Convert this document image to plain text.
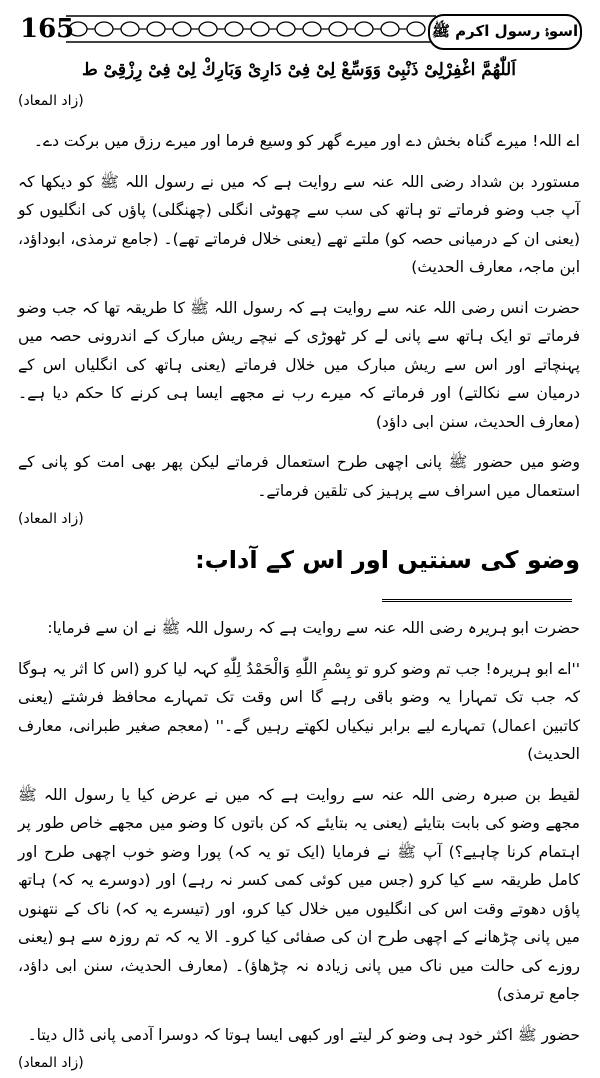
165	اسوۂ رسول اکرم ﷺ

اَللّٰهُمَّ اغْفِرْلِیْ ذَنْبِیْ وَوَسِّعْ لِیْ فِیْ دَارِیْ وَبَارِكْ لِیْ فِیْ رِزْقِیْ ط

(زاد المعاد)

اے اللہ! میرے گناہ بخش دے اور میرے گھر کو وسیع فرما اور میرے رزق میں برکت دے۔

مستورد بن شداد رضی اللہ عنہ سے روایت ہے کہ میں نے رسول اللہ ﷺ کو دیکھا کہ آپ جب وضو فرماتے تو ہاتھ کی سب سے چھوٹی انگلی (چھنگلی) پاؤں کی انگلیوں کو (یعنی ان کے درمیانی حصہ کو) ملتے تھے (یعنی خلال فرماتے تھے)۔ (جامع ترمذی، ابوداؤد، ابن ماجہ، معارف الحدیث)

حضرت انس رضی اللہ عنہ سے روایت ہے کہ رسول اللہ ﷺ کا طریقہ تھا کہ جب وضو فرماتے تو ایک ہاتھ سے پانی لے کر ٹھوڑی کے نیچے ریش مبارک کے اندرونی حصہ میں پہنچاتے اور اس سے ریش مبارک میں خلال فرماتے (یعنی ہاتھ کی انگلیاں اس کے درمیان سے نکالتے) اور فرماتے کہ میرے رب نے مجھے ایسا ہی کرنے کا حکم دیا ہے۔ (معارف الحدیث، سنن ابی داؤد)

وضو میں حضور ﷺ پانی اچھی طرح استعمال فرماتے لیکن پھر بھی امت کو پانی کے استعمال میں اسراف سے پرہیز کی تلقین فرماتے۔

(زاد المعاد)

وضو کی سنتیں اور اس کے آداب:

حضرت ابو ہریرہ رضی اللہ عنہ سے روایت ہے کہ رسول اللہ ﷺ نے ان سے فرمایا:

''اے ابو ہریرہ! جب تم وضو کرو تو بِسْمِ اللّٰهِ وَالْحَمْدُ لِلّٰهِ کہہ لیا کرو (اس کا اثر یہ ہوگا کہ جب تک تمہارا یہ وضو باقی رہے گا اس وقت تک تمہارے محافظ فرشتے (یعنی کاتبین اعمال) تمہارے لیے برابر نیکیاں لکھتے رہیں گے۔'' (معجم صغیر طبرانی، معارف الحدیث)

لقیط بن صبرہ رضی اللہ عنہ سے روایت ہے کہ میں نے عرض کیا یا رسول اللہ ﷺ مجھے وضو کی بابت بتایئے (یعنی یہ بتایئے کہ کن باتوں کا وضو میں مجھے خاص طور پر اہتمام کرنا چاہیے؟) آپ ﷺ نے فرمایا (ایک تو یہ کہ) پورا وضو خوب اچھی طرح اور کامل طریقہ سے کیا کرو (جس میں کوئی کمی کسر نہ رہے) اور (دوسرے یہ کہ) ہاتھ پاؤں دھوتے وقت اس کی انگلیوں میں خلال کیا کرو، اور (تیسرے یہ کہ) ناک کے نتھنوں میں پانی چڑھانے کے اچھی طرح ان کی صفائی کیا کرو۔ الا یہ کہ تم روزہ سے ہو (یعنی روزے کی حالت میں ناک میں پانی زیادہ نہ چڑھاؤ)۔ (معارف الحدیث، سنن ابی داؤد، جامع ترمذی)

حضور ﷺ اکثر خود ہی وضو کر لیتے اور کبھی ایسا ہوتا کہ دوسرا آدمی پانی ڈال دیتا۔

(زاد المعاد)
